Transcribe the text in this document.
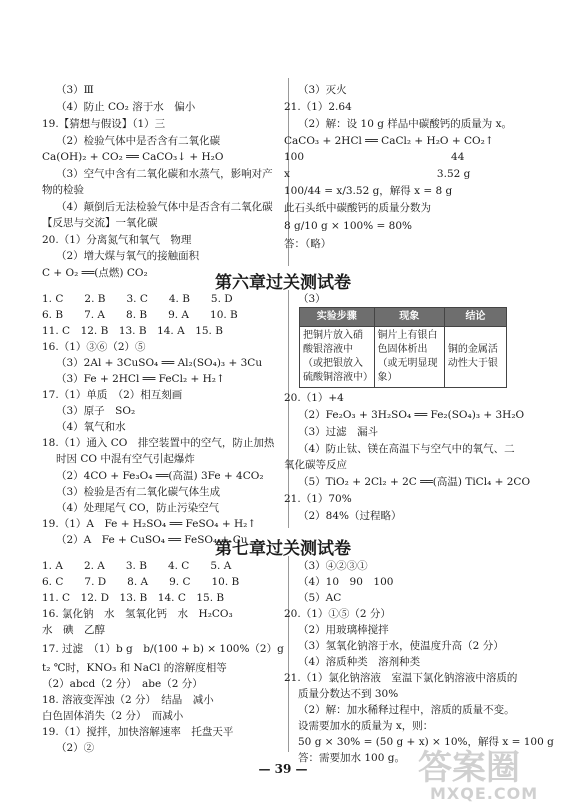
（3）Ⅲ
（4）防止 CO₂ 溶于水　偏小
19.【猜想与假设】（1）三
（2）检验气体中是否含有二氧化碳
Ca(OH)₂ + CO₂ ══ CaCO₃↓ + H₂O
（3）空气中含有二氧化碳和水蒸气，影响对产
物的检验
（4）颠倒后无法检验气体中是否含有二氧化碳
【反思与交流】一氧化碳
20.（1）分离氮气和氧气　物理
（2）增大煤与氧气的接触面积
C + O₂ ══(点燃) CO₂
（3）灭火
21.（1）2.64
（2）解：设 10 g 样品中碳酸钙的质量为 x。
CaCO₃ + 2HCl ══ CaCl₂ + H₂O + CO₂↑
100　　　　　　　　　　　　　　44
x　　　　　　　　　　　　　　3.52 g
100/44 = x/3.52 g，解得 x = 8 g
此石头纸中碳酸钙的质量分数为
8 g/10 g × 100% = 80%
答：（略）
第六章过关测试卷
1. C　　2. B　　3. C　　4. B　　5. D
6. B　　7. A　　8. B　　9. A　　10. B
11. C　12. B　13. B　14. A　15. B
16.（1）③⑥（2）⑤
（3）2Al + 3CuSO₄ ══ Al₂(SO₄)₃ + 3Cu
（3）Fe + 2HCl ══ FeCl₂ + H₂↑
17.（1）单质　（2）相互刻画
（3）原子　SO₂
（4）氧气和水
18.（1）通入 CO　排空装置中的空气，防止加热
时因 CO 中混有空气引起爆炸
（2）4CO + Fe₃O₄ ══(高温) 3Fe + 4CO₂
（3）检验是否有二氧化碳气体生成
（4）处理尾气 CO，防止污染空气
19.（1）A　Fe + H₂SO₄ ══ FeSO₄ + H₂↑
（2）A　Fe + CuSO₄ ══ FeSO₄ + Cu
（3）
实验步骤	现象	结论
把铜片放入硝酸银溶液中（或把银放入硫酸铜溶液中）	铜片上有银白色固体析出（或无明显现象）	铜的金属活动性大于银
20.（1）+4
（2）Fe₂O₃ + 3H₂SO₄ ══ Fe₂(SO₄)₃ + 3H₂O
（3）过滤　漏斗
（4）防止钛、镁在高温下与空气中的氧气、二
氧化碳等反应
（5）TiO₂ + 2Cl₂ + 2C ══(高温) TiCl₄ + 2CO
21.（1）70%
（2）84%（过程略）
第七章过关测试卷
1. A　　2. A　　3. B　　4. C　　5. A
6. C　　7. D　　8. A　　9. C　　10. B
11. C　12. D　13. B　14. C　15. B
16. 氯化钠　水　氢氧化钙　水　H₂CO₃
水　碘　乙醇
17. 过滤　（1）b g　b/(100 + b) × 100%（2）g
t₂ ℃时，KNO₃ 和 NaCl 的溶解度相等
（2）abcd（2 分）　abe（2 分）
18. 溶液变浑浊（2 分）　结晶　减小
白色固体消失（2 分）　而减小
19.（1）搅拌，加快溶解速率　托盘天平
（2）②
（3）④②③①
（4）10　90　100
（5）AC
20.（1）①⑤（2 分）
（2）用玻璃棒搅拌
（3）氢氧化钠溶于水，使温度升高（2 分）
（4）溶质种类　溶剂种类
21.（1）氯化钠溶液　室温下氯化钠溶液中溶质的
质量分数达不到 30%
（2）解：加水稀释过程中，溶质的质量不变。
设需要加水的质量为 x，则：
50 g × 30% = (50 g + x) × 10%，解得 x = 100 g
答：需要加水 100 g。
— 39 —	答案圈
MXQE.COM
